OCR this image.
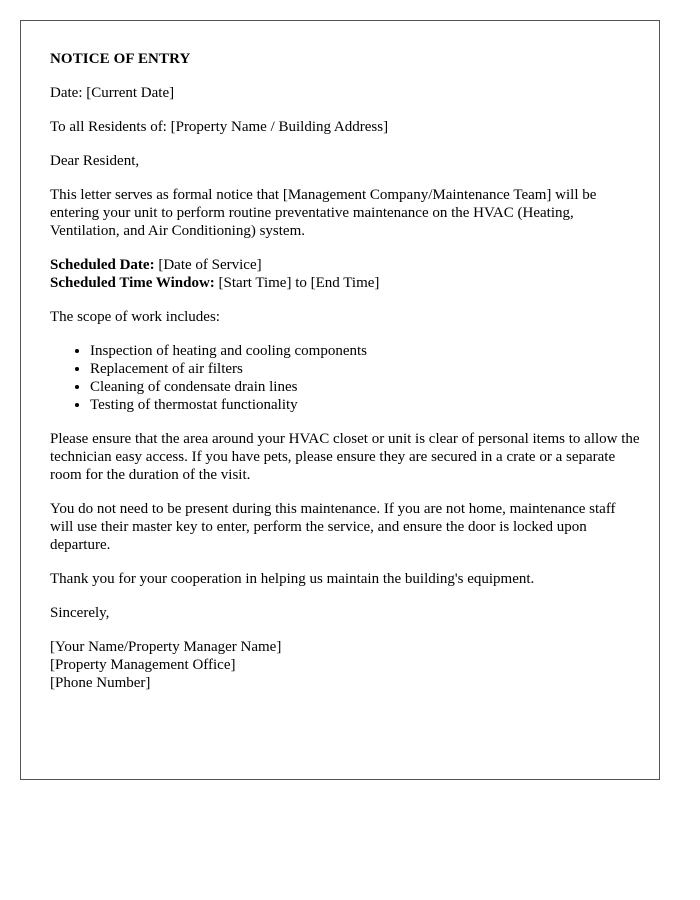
NOTICE OF ENTRY

Date: [Current Date]

To all Residents of: [Property Name / Building Address]

Dear Resident,

This letter serves as formal notice that [Management Company/Maintenance Team] will be entering your unit to perform routine preventative maintenance on the HVAC (Heating, Ventilation, and Air Conditioning) system.

Scheduled Date: [Date of Service]
Scheduled Time Window: [Start Time] to [End Time]

The scope of work includes:

• Inspection of heating and cooling components
• Replacement of air filters
• Cleaning of condensate drain lines
• Testing of thermostat functionality

Please ensure that the area around your HVAC closet or unit is clear of personal items to allow the technician easy access. If you have pets, please ensure they are secured in a crate or a separate room for the duration of the visit.

You do not need to be present during this maintenance. If you are not home, maintenance staff will use their master key to enter, perform the service, and ensure the door is locked upon departure.

Thank you for your cooperation in helping us maintain the building's equipment.

Sincerely,

[Your Name/Property Manager Name]
[Property Management Office]
[Phone Number]
